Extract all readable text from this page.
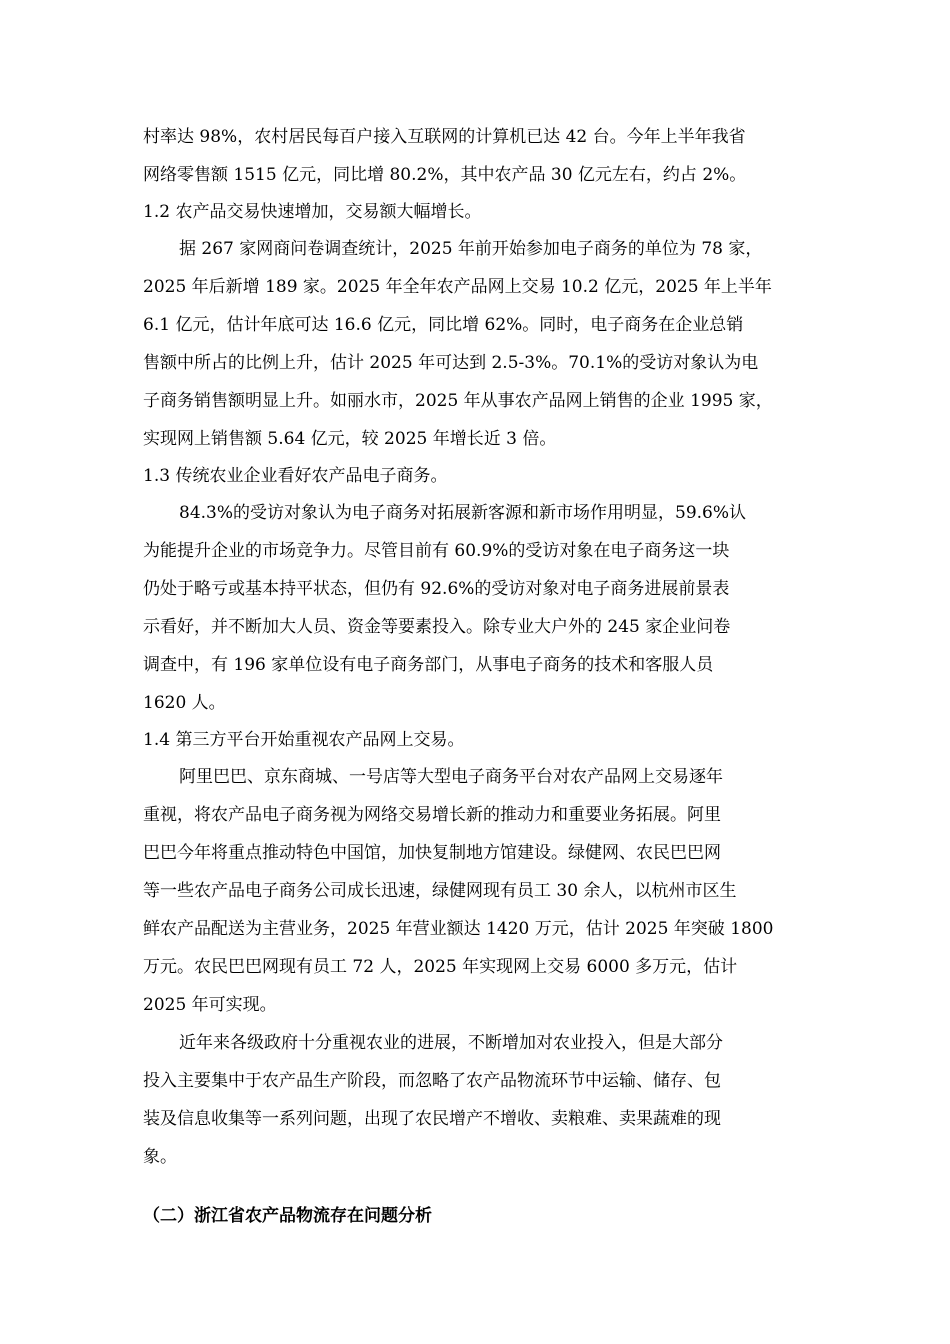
村率达 98%，农村居民每百户接入互联网的计算机已达 42 台。今年上半年我省
网络零售额 1515 亿元，同比增 80.2%，其中农产品 30 亿元左右，约占 2%。
1.2 农产品交易快速增加，交易额大幅增长。
据 267 家网商问卷调查统计，2025 年前开始参加电子商务的单位为 78 家，
2025 年后新增 189 家。2025 年全年农产品网上交易 10.2 亿元，2025 年上半年
6.1 亿元，估计年底可达 16.6 亿元，同比增 62%。同时，电子商务在企业总销
售额中所占的比例上升，估计 2025 年可达到 2.5-3%。70.1%的受访对象认为电
子商务销售额明显上升。如丽水市，2025 年从事农产品网上销售的企业 1995 家，
实现网上销售额 5.64 亿元，较 2025 年增长近 3 倍。
1.3 传统农业企业看好农产品电子商务。
84.3%的受访对象认为电子商务对拓展新客源和新市场作用明显，59.6%认
为能提升企业的市场竞争力。尽管目前有 60.9%的受访对象在电子商务这一块
仍处于略亏或基本持平状态，但仍有 92.6%的受访对象对电子商务进展前景表
示看好，并不断加大人员、资金等要素投入。除专业大户外的 245 家企业问卷
调查中，有 196 家单位设有电子商务部门，从事电子商务的技术和客服人员
1620 人。
1.4 第三方平台开始重视农产品网上交易。
阿里巴巴、京东商城、一号店等大型电子商务平台对农产品网上交易逐年
重视，将农产品电子商务视为网络交易增长新的推动力和重要业务拓展。阿里
巴巴今年将重点推动特色中国馆，加快复制地方馆建设。绿健网、农民巴巴网
等一些农产品电子商务公司成长迅速，绿健网现有员工 30 余人，以杭州市区生
鲜农产品配送为主营业务，2025 年营业额达 1420 万元，估计 2025 年突破 1800
万元。农民巴巴网现有员工 72 人，2025 年实现网上交易 6000 多万元，估计
2025 年可实现。
近年来各级政府十分重视农业的进展，不断增加对农业投入，但是大部分
投入主要集中于农产品生产阶段，而忽略了农产品物流环节中运输、储存、包
装及信息收集等一系列问题，出现了农民增产不增收、卖粮难、卖果蔬难的现
象。
（二）浙江省农产品物流存在问题分析
